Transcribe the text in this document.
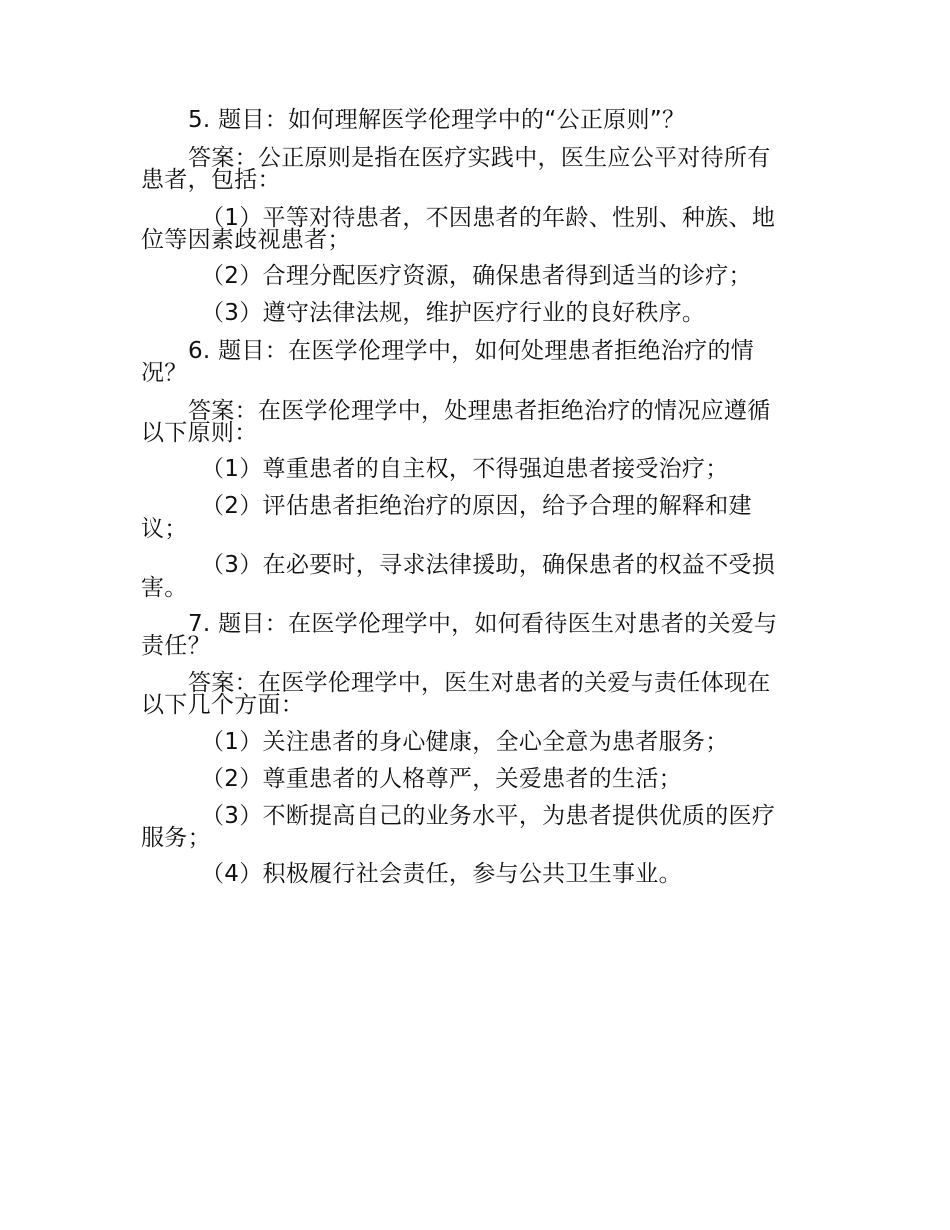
5. 题目：如何理解医学伦理学中的“公正原则”？
答案：公正原则是指在医疗实践中，医生应公平对待所有
患者，包括：
（1）平等对待患者，不因患者的年龄、性别、种族、地
位等因素歧视患者；
（2）合理分配医疗资源，确保患者得到适当的诊疗；
（3）遵守法律法规，维护医疗行业的良好秩序。
6. 题目：在医学伦理学中，如何处理患者拒绝治疗的情
况？
答案：在医学伦理学中，处理患者拒绝治疗的情况应遵循
以下原则：
（1）尊重患者的自主权，不得强迫患者接受治疗；
（2）评估患者拒绝治疗的原因，给予合理的解释和建
议；
（3）在必要时，寻求法律援助，确保患者的权益不受损
害。
7. 题目：在医学伦理学中，如何看待医生对患者的关爱与
责任？
答案：在医学伦理学中，医生对患者的关爱与责任体现在
以下几个方面：
（1）关注患者的身心健康，全心全意为患者服务；
（2）尊重患者的人格尊严，关爱患者的生活；
（3）不断提高自己的业务水平，为患者提供优质的医疗
服务；
（4）积极履行社会责任，参与公共卫生事业。
